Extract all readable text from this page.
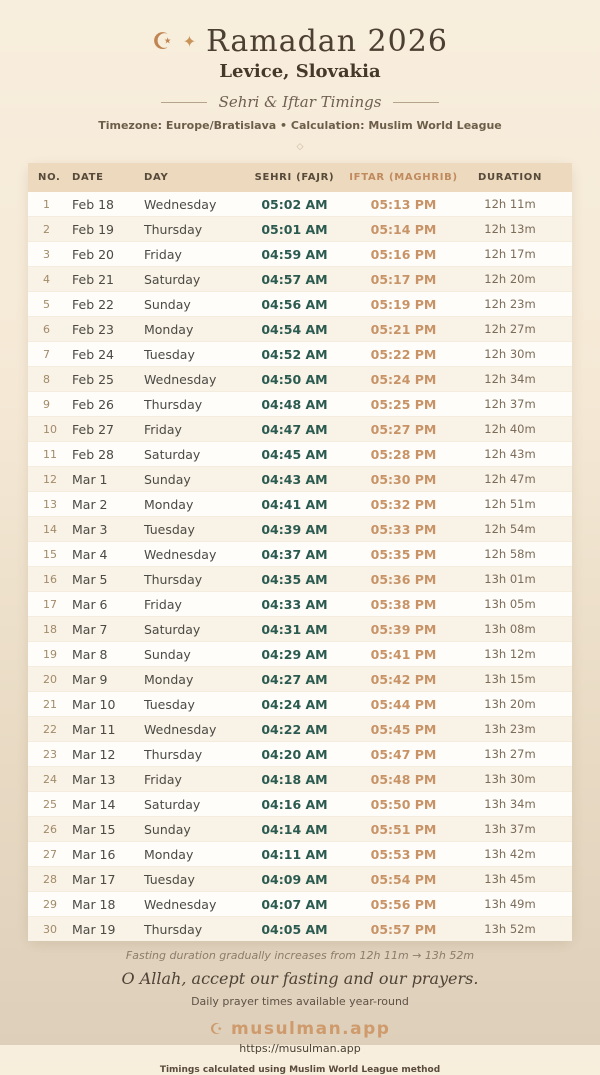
☪ ✦ Ramadan 2026
Levice, Slovakia
Sehri & Iftar Timings
Timezone: Europe/Bratislava • Calculation: Muslim World League
◇
NO.	DATE	DAY	SEHRI (FAJR)	IFTAR (MAGHRIB)	DURATION
1	Feb 18	Wednesday	05:02 AM	05:13 PM	12h 11m
2	Feb 19	Thursday	05:01 AM	05:14 PM	12h 13m
3	Feb 20	Friday	04:59 AM	05:16 PM	12h 17m
4	Feb 21	Saturday	04:57 AM	05:17 PM	12h 20m
5	Feb 22	Sunday	04:56 AM	05:19 PM	12h 23m
6	Feb 23	Monday	04:54 AM	05:21 PM	12h 27m
7	Feb 24	Tuesday	04:52 AM	05:22 PM	12h 30m
8	Feb 25	Wednesday	04:50 AM	05:24 PM	12h 34m
9	Feb 26	Thursday	04:48 AM	05:25 PM	12h 37m
10	Feb 27	Friday	04:47 AM	05:27 PM	12h 40m
11	Feb 28	Saturday	04:45 AM	05:28 PM	12h 43m
12	Mar 1	Sunday	04:43 AM	05:30 PM	12h 47m
13	Mar 2	Monday	04:41 AM	05:32 PM	12h 51m
14	Mar 3	Tuesday	04:39 AM	05:33 PM	12h 54m
15	Mar 4	Wednesday	04:37 AM	05:35 PM	12h 58m
16	Mar 5	Thursday	04:35 AM	05:36 PM	13h 01m
17	Mar 6	Friday	04:33 AM	05:38 PM	13h 05m
18	Mar 7	Saturday	04:31 AM	05:39 PM	13h 08m
19	Mar 8	Sunday	04:29 AM	05:41 PM	13h 12m
20	Mar 9	Monday	04:27 AM	05:42 PM	13h 15m
21	Mar 10	Tuesday	04:24 AM	05:44 PM	13h 20m
22	Mar 11	Wednesday	04:22 AM	05:45 PM	13h 23m
23	Mar 12	Thursday	04:20 AM	05:47 PM	13h 27m
24	Mar 13	Friday	04:18 AM	05:48 PM	13h 30m
25	Mar 14	Saturday	04:16 AM	05:50 PM	13h 34m
26	Mar 15	Sunday	04:14 AM	05:51 PM	13h 37m
27	Mar 16	Monday	04:11 AM	05:53 PM	13h 42m
28	Mar 17	Tuesday	04:09 AM	05:54 PM	13h 45m
29	Mar 18	Wednesday	04:07 AM	05:56 PM	13h 49m
30	Mar 19	Thursday	04:05 AM	05:57 PM	13h 52m
Fasting duration gradually increases from 12h 11m → 13h 52m
O Allah, accept our fasting and our prayers.
Daily prayer times available year-round
☪ musulman.app
https://musulman.app
Timings calculated using Muslim World League method
